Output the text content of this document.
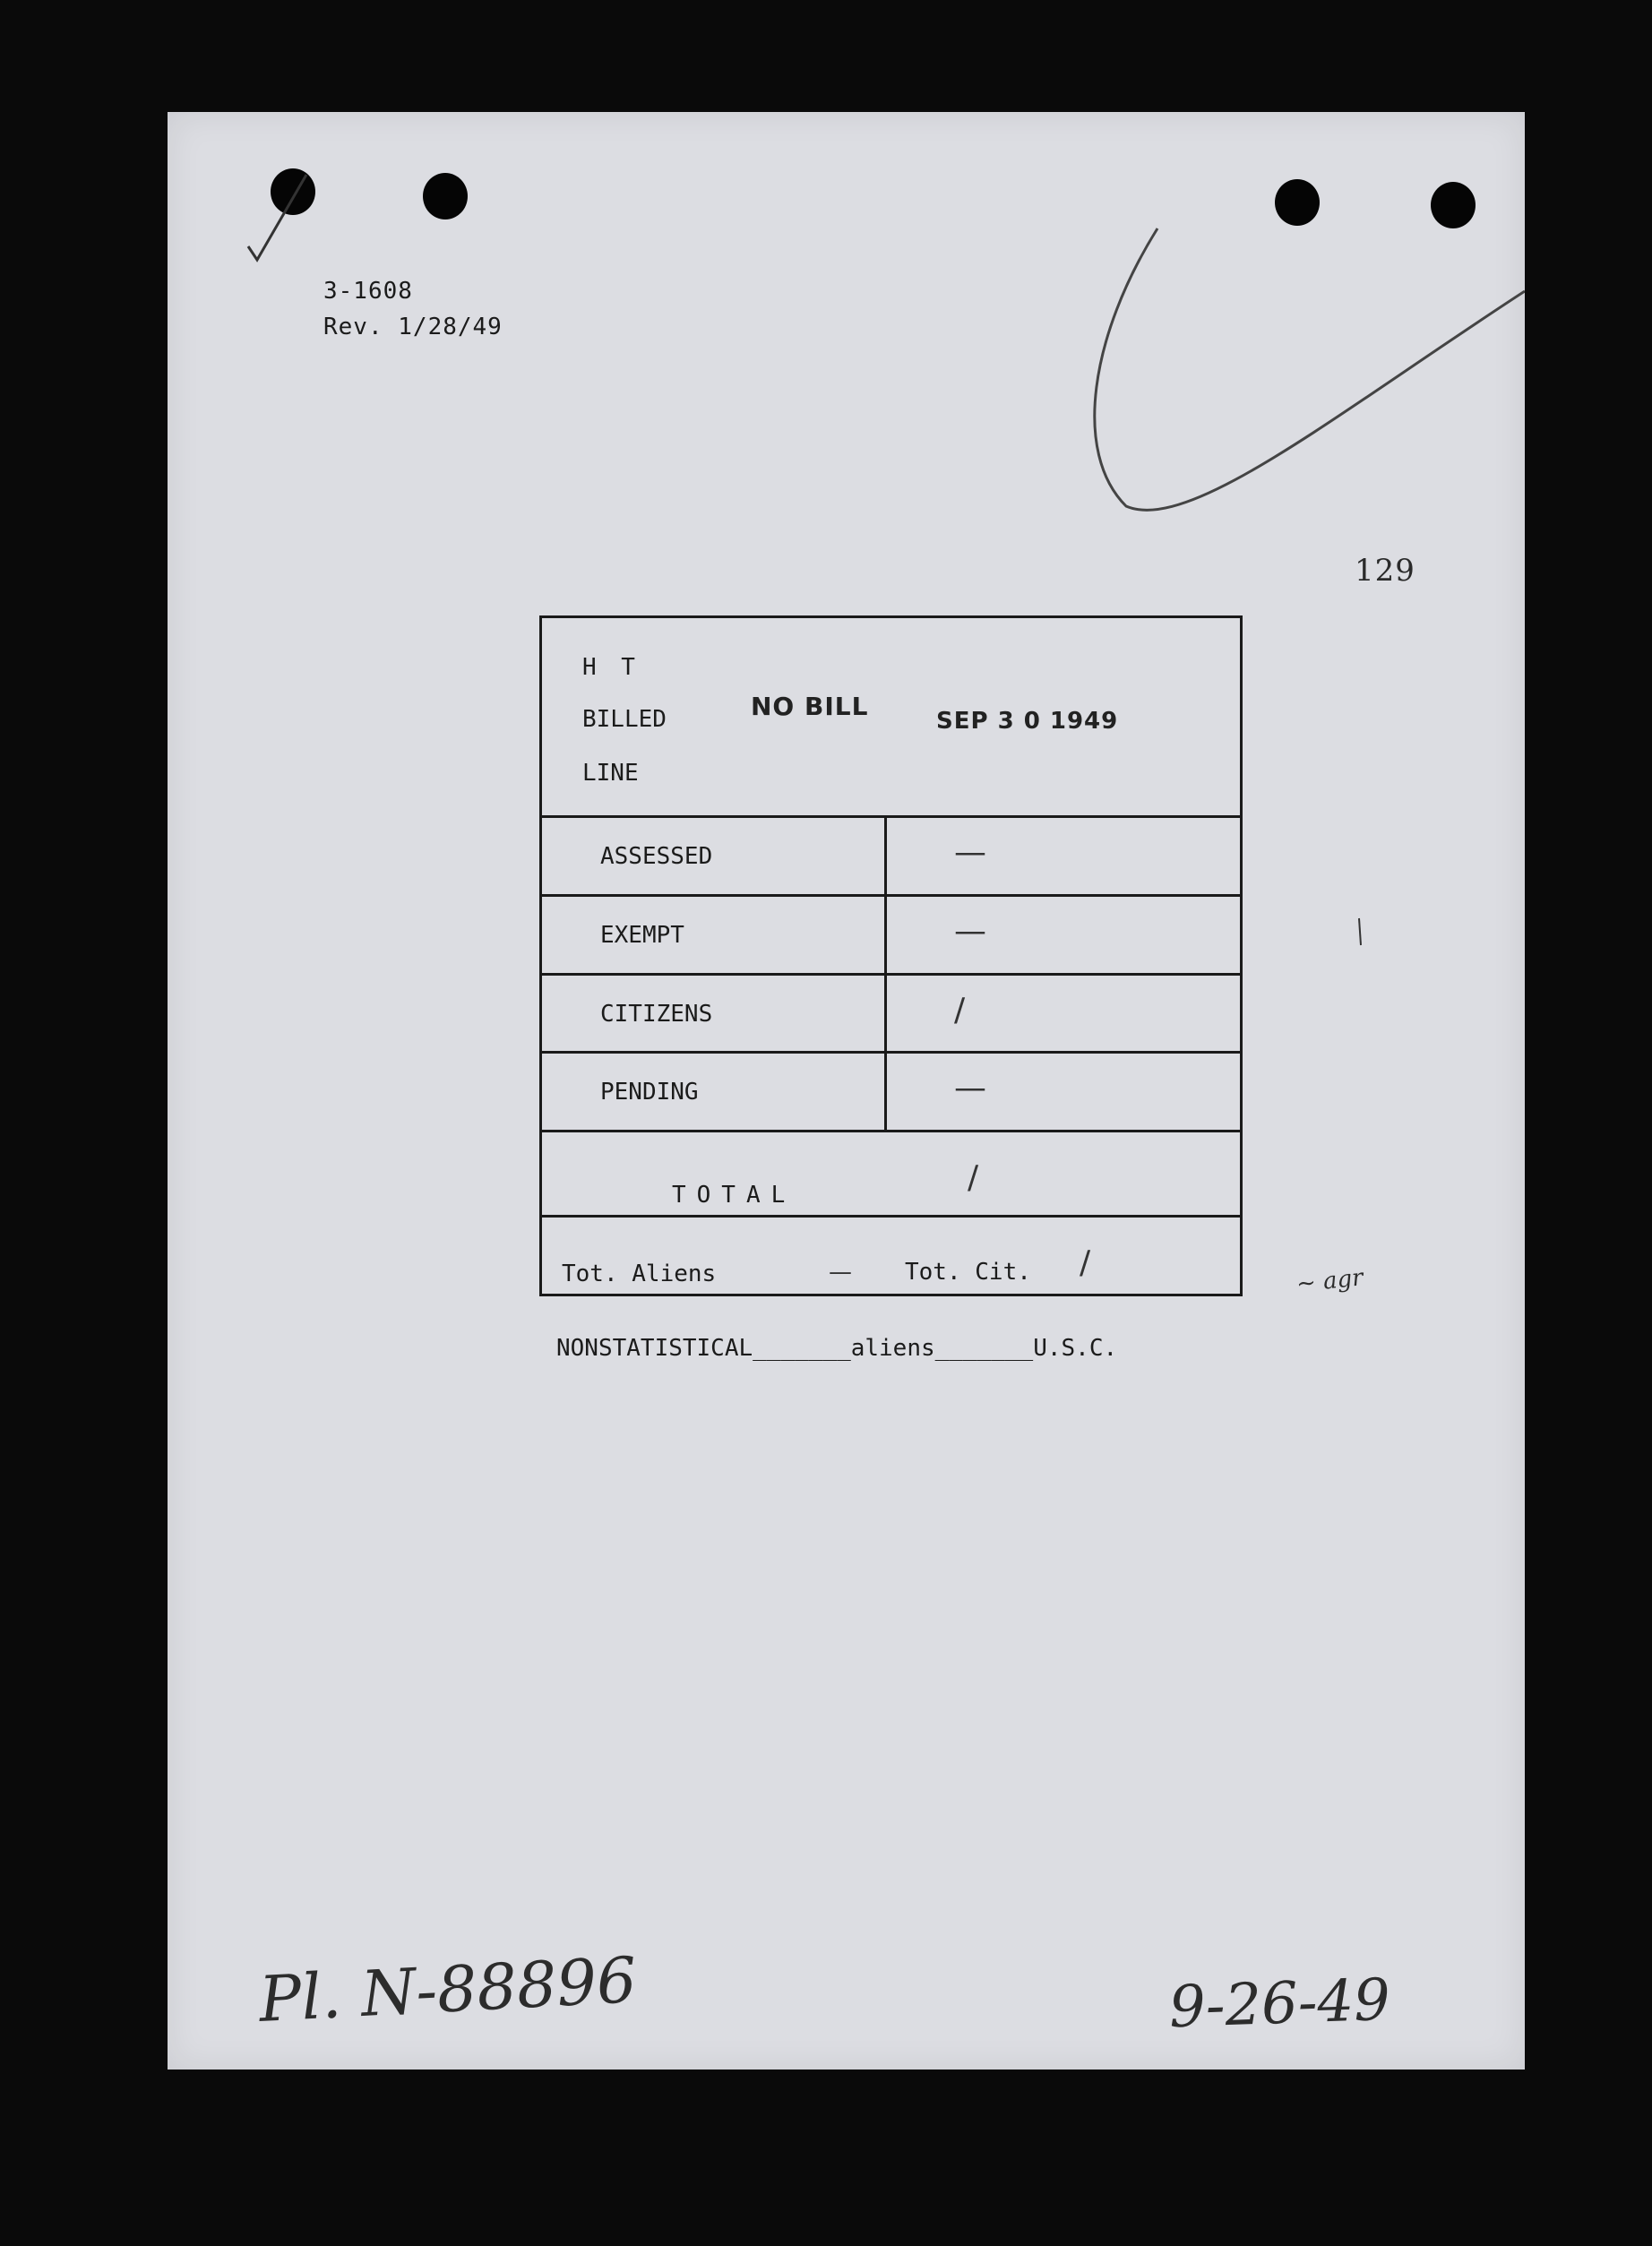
3-1608
Rev. 1/28/49
129
H T
BILLED
LINE
NO BILL	SEP 3 0 1949
ASSESSED	—
EXEMPT	—
CITIZENS	/
PENDING	—
TOTAL	/
Tot. Aliens	— Tot. Cit. /
NONSTATISTICAL_______aliens_______U.S.C.
~ agr
Pl. N-88896	9-26-49
